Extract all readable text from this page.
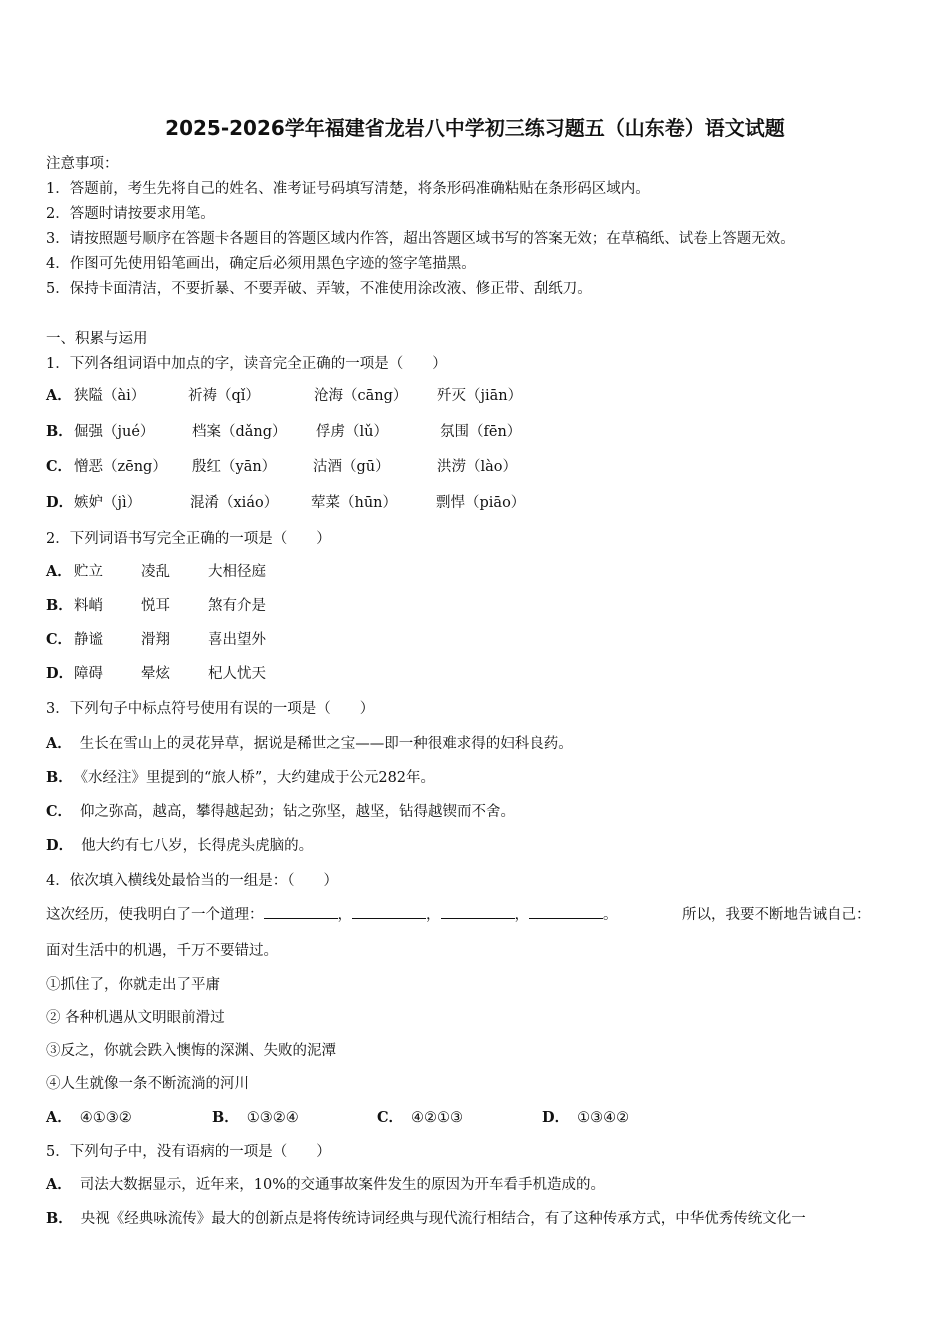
2025-2026学年福建省龙岩八中学初三练习题五（山东卷）语文试题
注意事项：
1．答题前，考生先将自己的姓名、准考证号码填写清楚，将条形码准确粘贴在条形码区域内。
2．答题时请按要求用笔。
3．请按照题号顺序在答题卡各题目的答题区域内作答，超出答题区域书写的答案无效；在草稿纸、试卷上答题无效。
4．作图可先使用铅笔画出，确定后必须用黑色字迹的签字笔描黑。
5．保持卡面清洁，不要折暴、不要弄破、弄皱，不准使用涂改液、修正带、刮纸刀。
一、积累与运用
1．下列各组词语中加点的字，读音完全正确的一项是（　　）
A． 狭隘（ài）	祈祷（qǐ）	沧海（cāng） 歼灭（jiān）
B． 倔强（jué）	档案（dǎng） 俘虏（lǔ）	氛围（fēn）
C． 憎恶（zēng） 殷红（yān）	沽酒（gū）	洪涝（lào）
D． 嫉妒（jì）	混淆（xiáo） 荤菜（hūn）	剽悍（piāo）
2．下列词语书写完全正确的一项是（　　）
A． 贮立	凌乱	大相径庭
B． 料峭	悦耳	煞有介是
C． 静谧	滑翔	喜出望外
D． 障碍	晕炫	杞人忧天
3．下列句子中标点符号使用有误的一项是（　　）
A． 生长在雪山上的灵花异草，据说是稀世之宝——即一种很难求得的妇科良药。
B． 《水经注》里提到的“旅人桥”，大约建成于公元282年。
C． 仰之弥高，越高，攀得越起劲；钻之弥坚，越坚，钻得越锲而不舍。
D． 他大约有七八岁，长得虎头虎脑的。
4．依次填入横线处最恰当的一组是：（　　）
这次经历，使我明白了一个道理：	，	，	，	。	所以，我要不断地告诫自己：
面对生活中的机遇，千万不要错过。
①抓住了，你就走出了平庸
② 各种机遇从文明眼前滑过
③反之，你就会跌入懊悔的深渊、失败的泥潭
④人生就像一条不断流淌的河川
A． ④①③②	B． ①③②④	C． ④②①③	D． ①③④②
5．下列句子中，没有语病的一项是（　　）
A． 司法大数据显示，近年来，10%的交通事故案件发生的原因为开车看手机造成的。
B． 央视《经典咏流传》最大的创新点是将传统诗词经典与现代流行相结合，有了这种传承方式，中华优秀传统文化一
